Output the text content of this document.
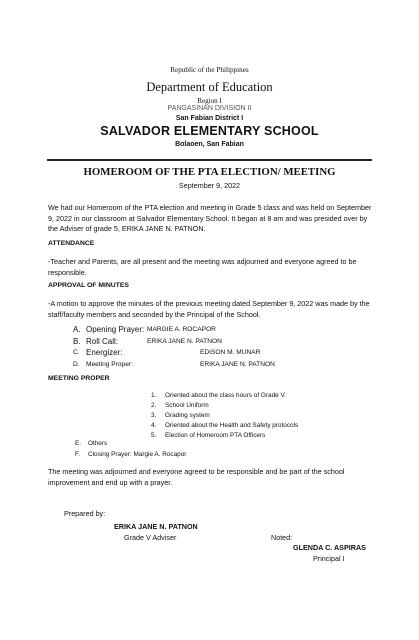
Republic of the Philippines
Department of Education
Region I
PANGASINAN DIVISION II
San Fabian District I
SALVADOR ELEMENTARY SCHOOL
Bolaoen, San Fabian
HOMEROOM OF THE PTA ELECTION/ MEETING
September 9, 2022
We had our Homeroom of the PTA election and meeting in Grade 5 class and was held on September 9, 2022 in our classroom at Salvador Elementary School. It began at 8 am and was presided over by the Adviser of grade 5, ERIKA JANE N. PATNON.
ATTENDANCE
-Teacher and Parents, are all present and the meeting was adjourned and everyone agreed to be responsible.
APPROVAL OF MINUTES
-A motion to approve the minutes of the previous meeting dated September 9, 2022 was made by the staff/faculty members and seconded by the Principal of the School.
A. Opening Prayer: MARGIE A. ROCAPOR
B. Roll Call:	ERIKA JANE N. PATNON
C. Energizer:	EDISON M. MUNAR
D. Meeting Proper:	ERIKA JANE N. PATNON
MEETING PROPER
1. Oriented about the class hours of Grade V.
2. School Uniform
3. Grading system
4. Oriented about the Health and Safety protocols
5. Election of Homeroom PTA Officers
E. Others
F. Closing Prayer: Margie A. Rocapor
The meeting was adjourned and everyone agreed to be responsible and be part of the school improvement and end up with a prayer.
Prepared by:
ERIKA JANE N. PATNON
Grade V Adviser	Noted:
GLENDA C. ASPIRAS
Principal I
